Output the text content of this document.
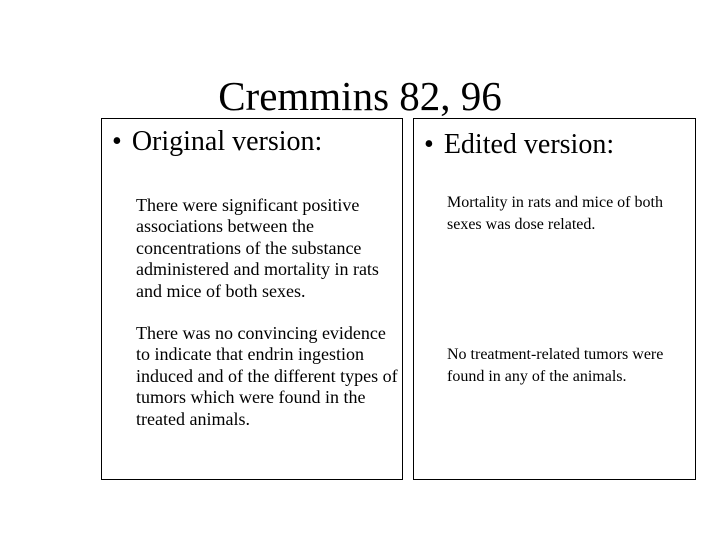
Cremmins 82, 96
• Original version:

There were significant positive associations between the concentrations of the substance administered and mortality in rats and mice of both sexes.

There was no convincing evidence to indicate that endrin ingestion induced and of the different types of tumors which were found in the treated animals.

• Edited version:

Mortality in rats and mice of both sexes was dose related.

No treatment-related tumors were found in any of the animals.
